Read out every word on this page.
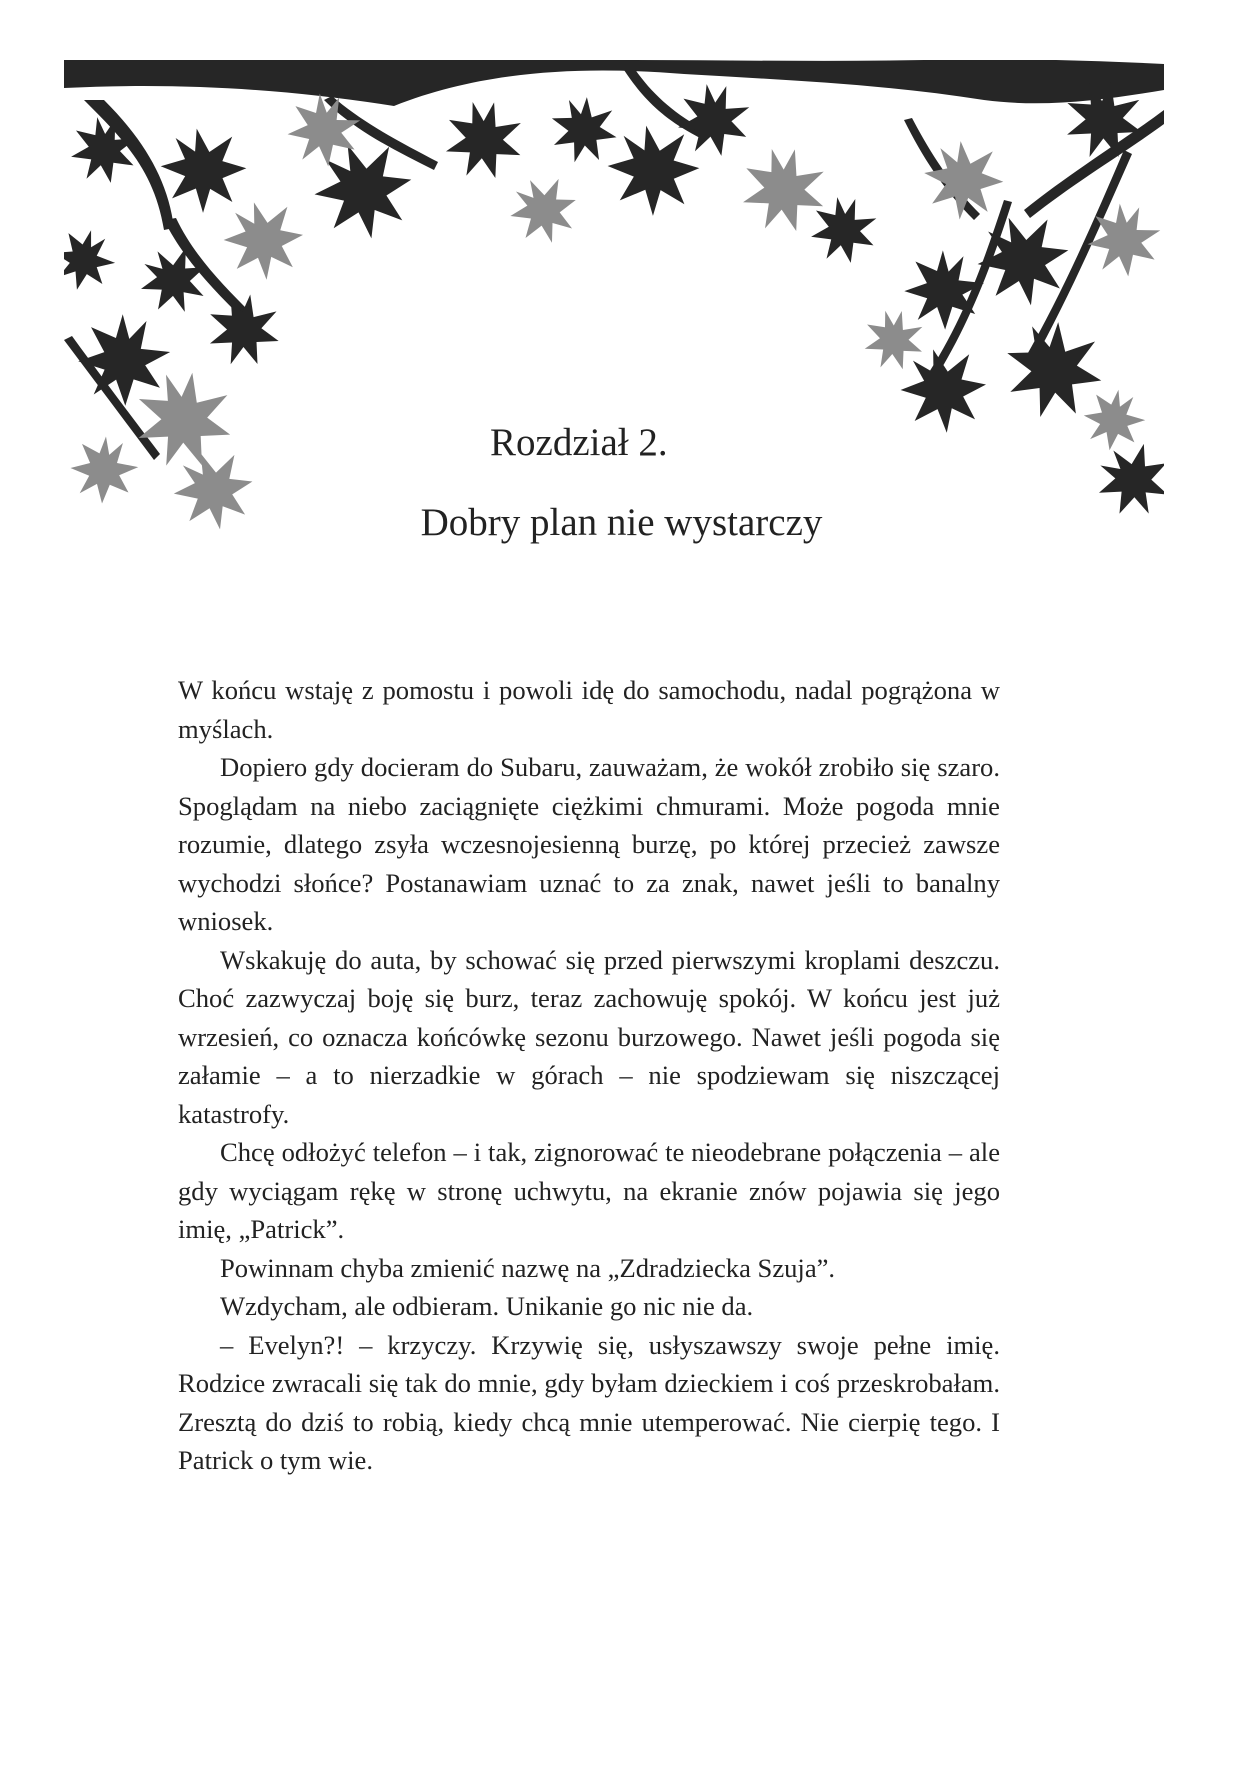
Rozdział 2.
Dobry plan nie wystarczy

W końcu wstaję z pomostu i powoli idę do samochodu, nadal pogrążona w myślach.

Dopiero gdy docieram do Subaru, zauważam, że wokół zrobiło się szaro. Spoglądam na niebo zaciągnięte ciężkimi chmurami. Może pogoda mnie rozumie, dlatego zsyła wczesnojesienną burzę, po której przecież zawsze wychodzi słońce? Postanawiam uznać to za znak, nawet jeśli to banalny wniosek.

Wskakuję do auta, by schować się przed pierwszymi kroplami deszczu. Choć zazwyczaj boję się burz, teraz zachowuję spokój. W końcu jest już wrzesień, co oznacza końcówkę sezonu burzowego. Nawet jeśli pogoda się załamie – a to nierzadkie w górach – nie spodziewam się niszczącej katastrofy.

Chcę odłożyć telefon – i tak, zignorować te nieodebrane połączenia – ale gdy wyciągam rękę w stronę uchwytu, na ekranie znów pojawia się jego imię, „Patrick”.

Powinnam chyba zmienić nazwę na „Zdradziecka Szuja”.

Wzdycham, ale odbieram. Unikanie go nic nie da.

– Evelyn?! – krzyczy. Krzywię się, usłyszawszy swoje pełne imię. Rodzice zwracali się tak do mnie, gdy byłam dzieckiem i coś przeskrobałam. Zresztą do dziś to robią, kiedy chcą mnie utemperować. Nie cierpię tego. I Patrick o tym wie.
